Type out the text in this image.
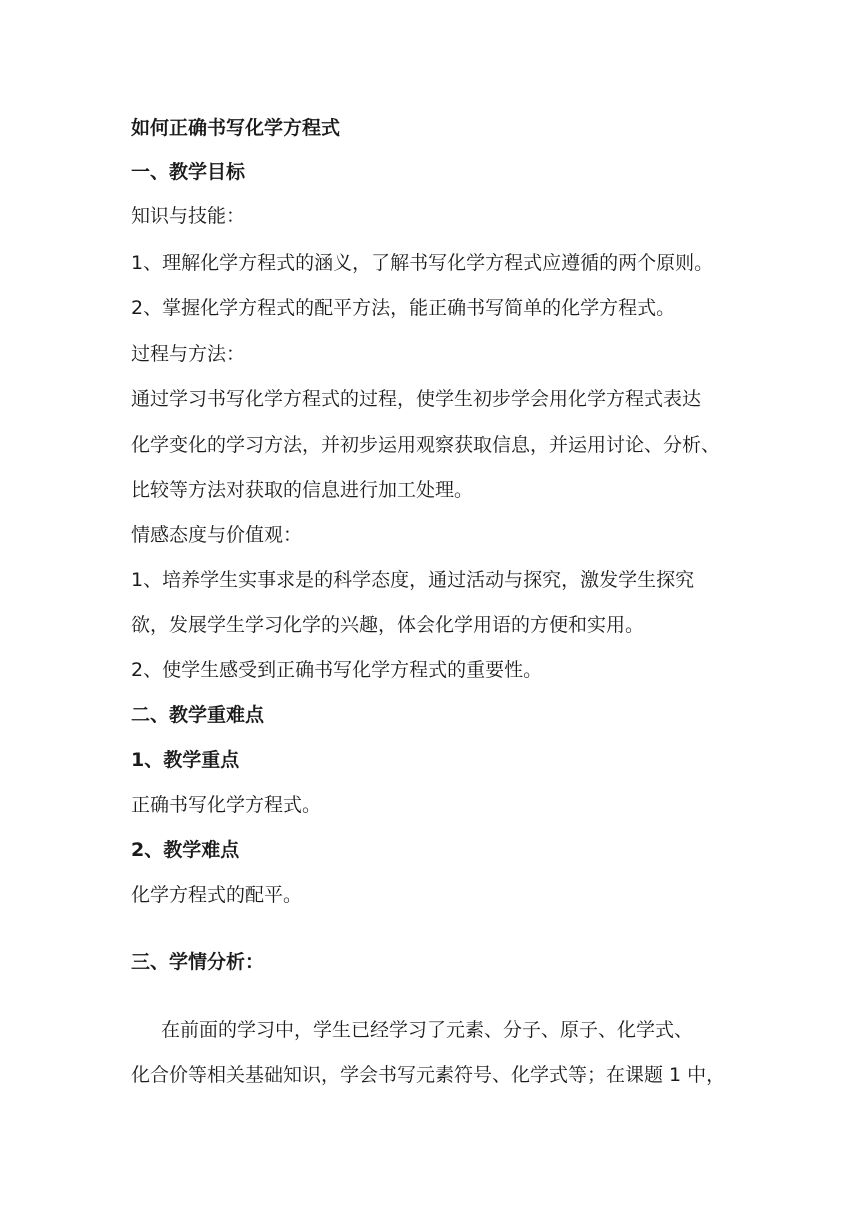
如何正确书写化学方程式
一、教学目标
知识与技能：
1、理解化学方程式的涵义，了解书写化学方程式应遵循的两个原则。
2、掌握化学方程式的配平方法，能正确书写简单的化学方程式。
过程与方法：
通过学习书写化学方程式的过程，使学生初步学会用化学方程式表达
化学变化的学习方法，并初步运用观察获取信息，并运用讨论、分析、
比较等方法对获取的信息进行加工处理。
情感态度与价值观：
1、培养学生实事求是的科学态度，通过活动与探究，激发学生探究
欲，发展学生学习化学的兴趣，体会化学用语的方便和实用。
2、使学生感受到正确书写化学方程式的重要性。
二、教学重难点
1、教学重点
正确书写化学方程式。
2、教学难点
化学方程式的配平。
三、学情分析：
在前面的学习中，学生已经学习了元素、分子、原子、化学式、
化合价等相关基础知识，学会书写元素符号、化学式等；在课题 1 中，
